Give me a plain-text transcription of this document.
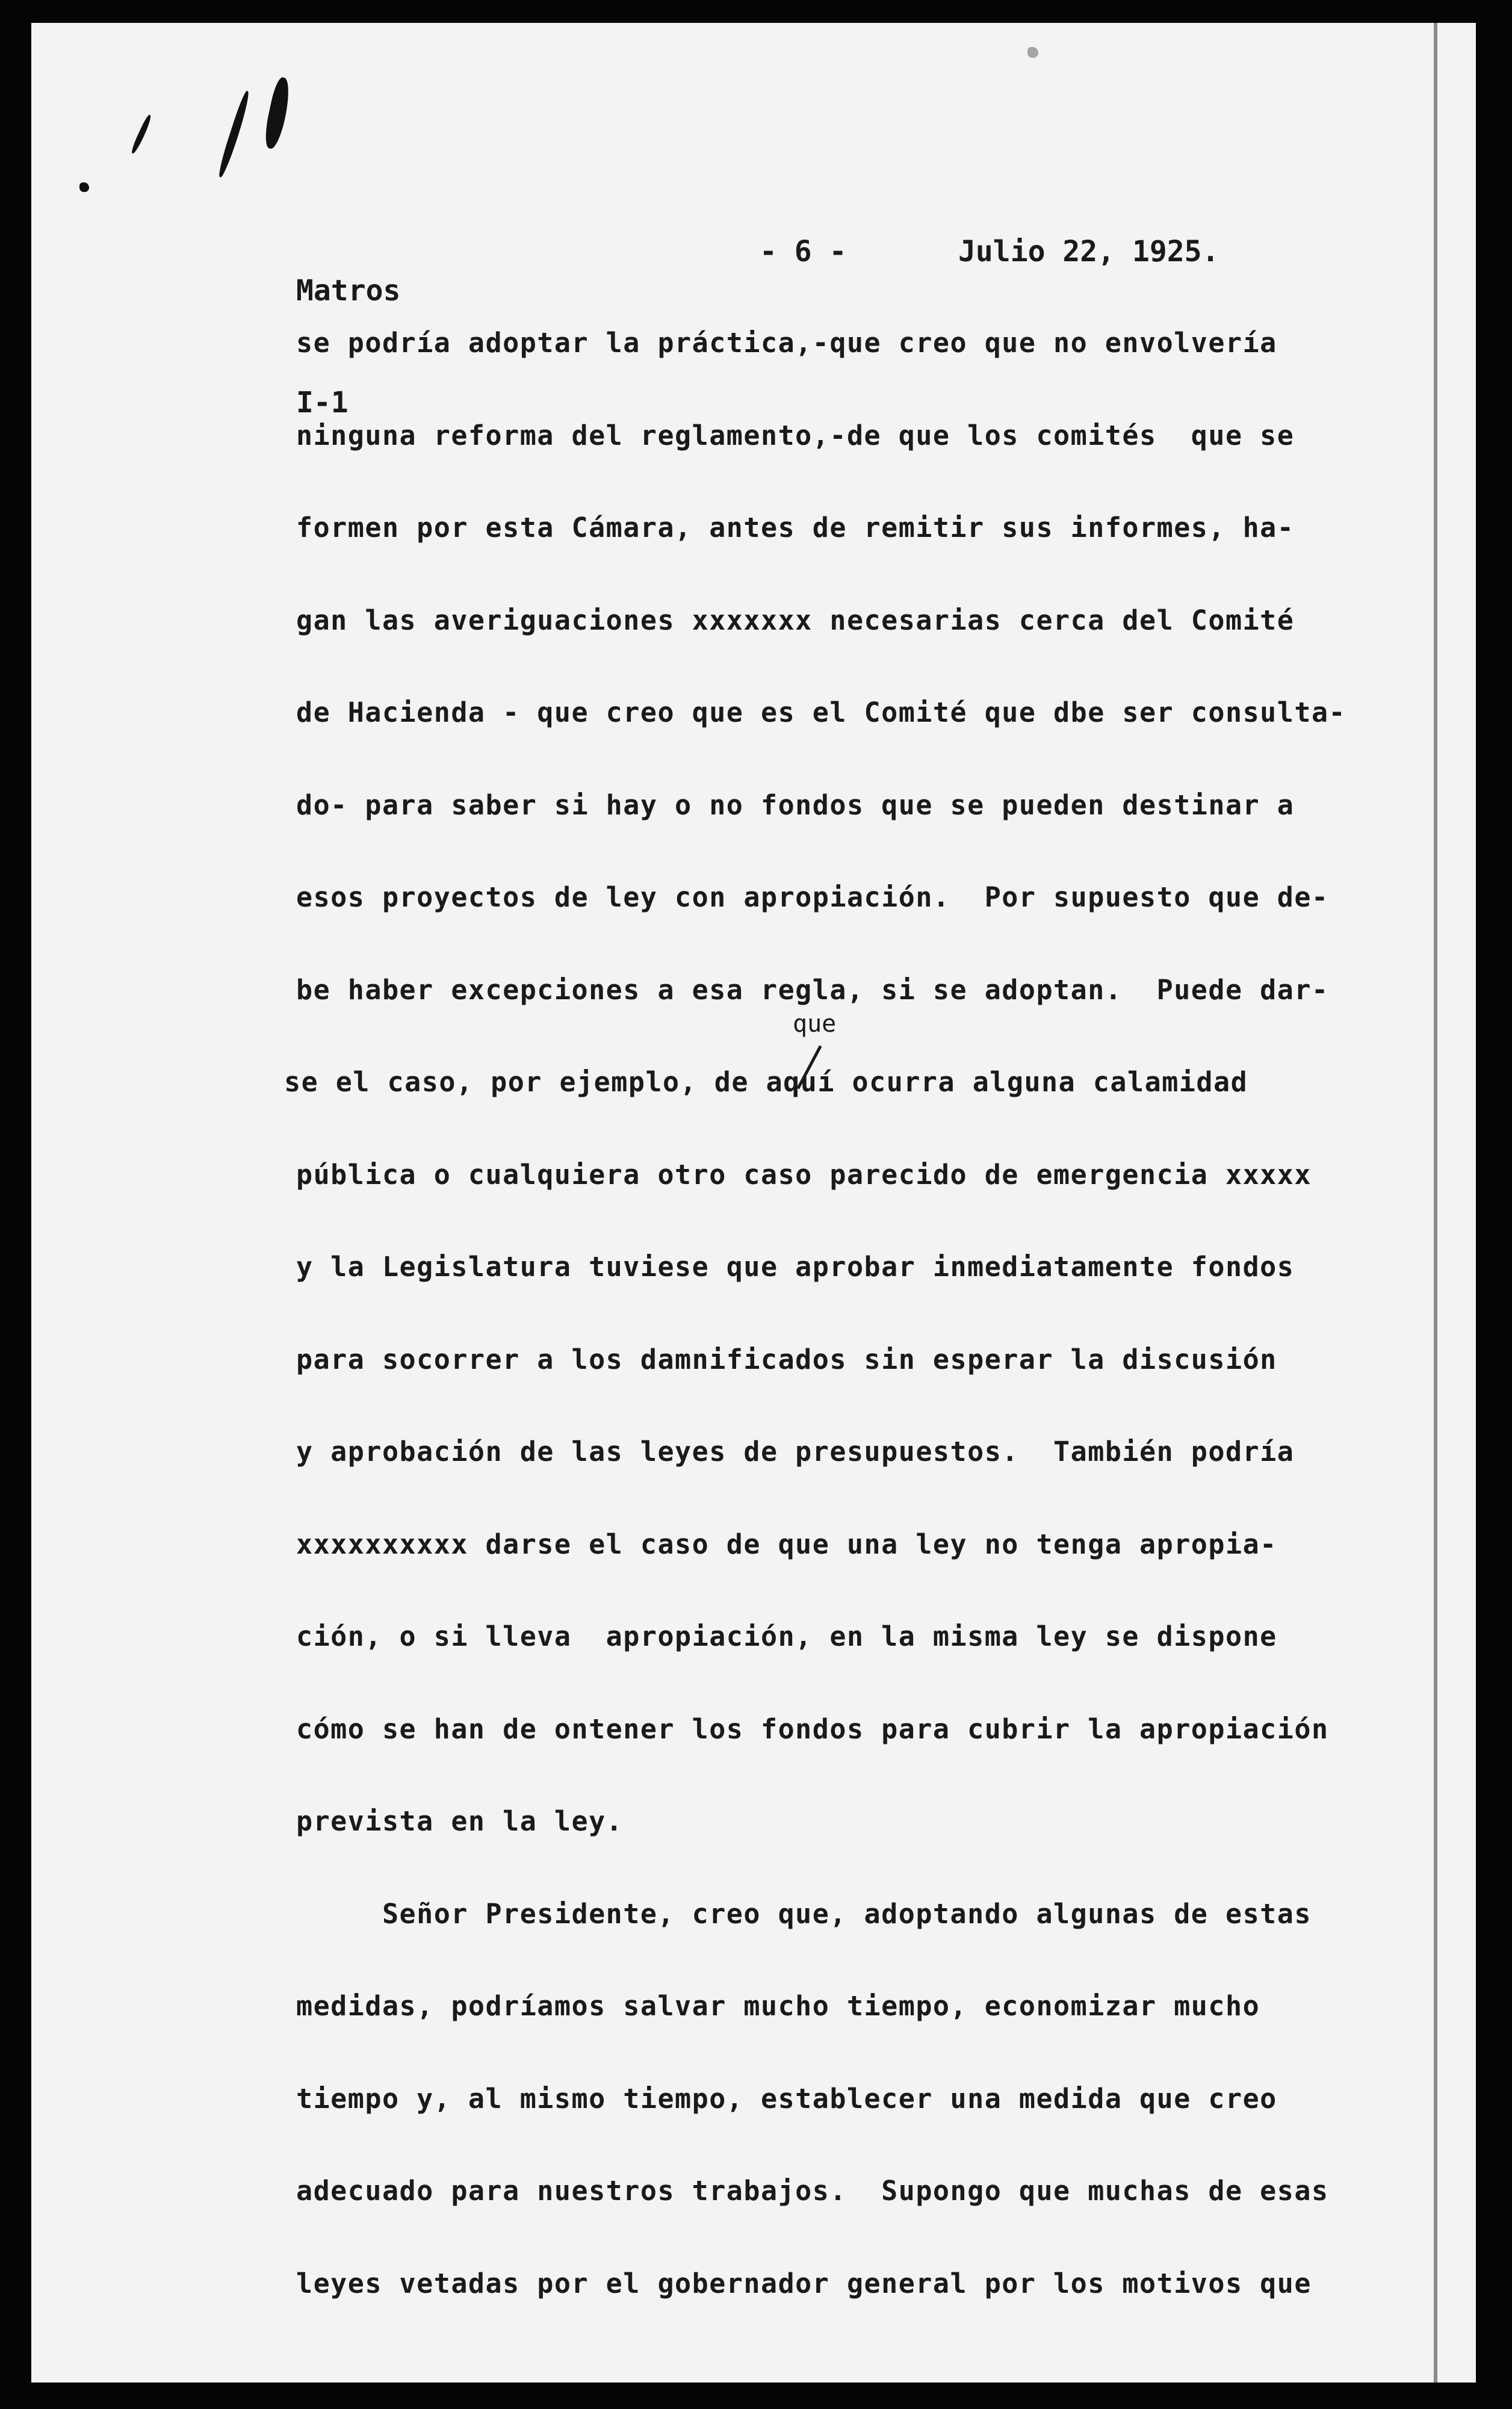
Matros

I-1

- 6 -	Julio 22, 1925.
que
se podría adoptar la práctica,-que creo que no envolvería
ninguna reforma del reglamento,-de que los comités  que se
formen por esta Cámara, antes de remitir sus informes, ha-
gan las averiguaciones xxxxxxx necesarias cerca del Comité
de Hacienda - que creo que es el Comité que dbe ser consulta-
do- para saber si hay o no fondos que se pueden destinar a
esos proyectos de ley con apropiación.  Por supuesto que de-
be haber excepciones a esa regla, si se adoptan.  Puede dar-
se el caso, por ejemplo, de aquí ocurra alguna calamidad
pública o cualquiera otro caso parecido de emergencia xxxxx
y la Legislatura tuviese que aprobar inmediatamente fondos
para socorrer a los damnificados sin esperar la discusión
y aprobación de las leyes de presupuestos.  También podría
xxxxxxxxxx darse el caso de que una ley no tenga apropia-
ción, o si lleva  apropiación, en la misma ley se dispone
cómo se han de ontener los fondos para cubrir la apropiación
prevista en la ley.
Señor Presidente, creo que, adoptando algunas de estas
medidas, podríamos salvar mucho tiempo, economizar mucho
tiempo y, al mismo tiempo, establecer una medida que creo
adecuado para nuestros trabajos.  Supongo que muchas de esas
leyes vetadas por el gobernador general por los motivos que
